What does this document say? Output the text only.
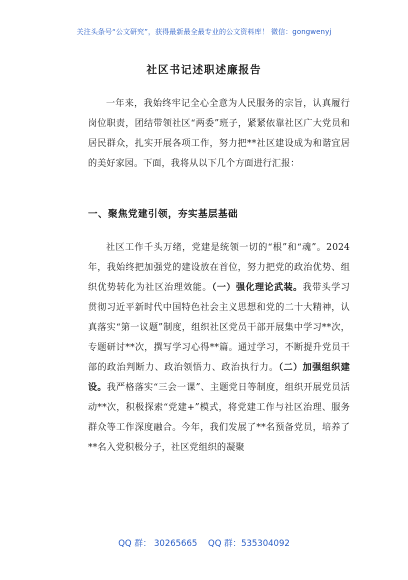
关注头条号“公文研究”，获得最新最全最专业的公文资料库！ 微信：gongwenyj
社区书记述职述廉报告

一年来，我始终牢记全心全意为人民服务的宗旨，认真履行岗位职责，团结带领社区“两委”班子，紧紧依靠社区广大党员和居民群众，扎实开展各项工作，努力把**社区建设成为和谐宜居的美好家园。下面，我将从以下几个方面进行汇报：

一、聚焦党建引领，夯实基层基础

社区工作千头万绪，党建是统领一切的“根”和“魂”。2024年，我始终把加强党的建设放在首位，努力把党的政治优势、组织优势转化为社区治理效能。（一）强化理论武装。我带头学习贯彻习近平新时代中国特色社会主义思想和党的二十大精神，认真落实“第一议题”制度，组织社区党员干部开展集中学习**次，专题研讨**次，撰写学习心得**篇。通过学习，不断提升党员干部的政治判断力、政治领悟力、政治执行力。（二）加强组织建设。我严格落实“三会一课”、主题党日等制度，组织开展党员活动**次，积极探索“党建+”模式，将党建工作与社区治理、服务群众等工作深度融合。今年，我们发展了**名预备党员，培养了**名入党积极分子，社区党组织的凝聚

QQ 群： 30265665 QQ 群：535304092
